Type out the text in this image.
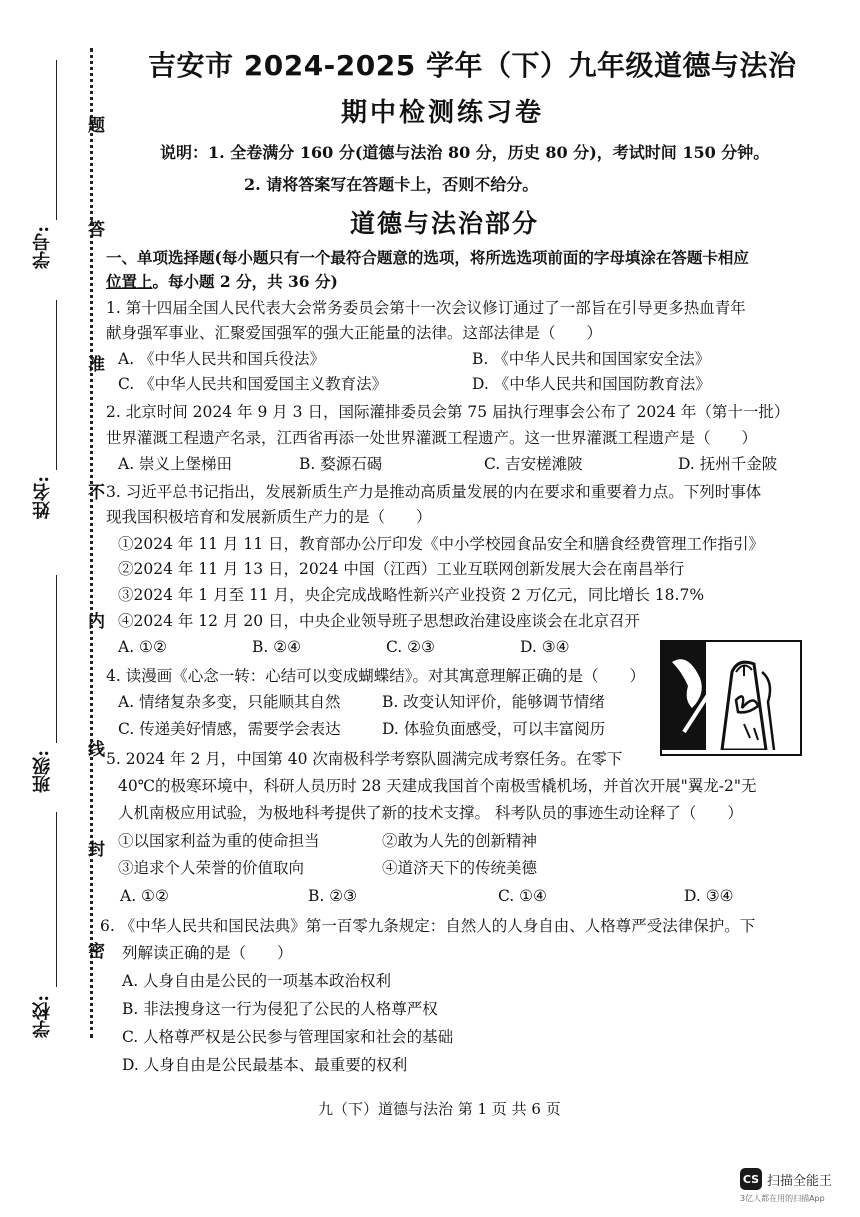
题
答
准
不
内
线
封
密
学号:
姓名:
班级:
学校:
吉安市 2024-2025 学年（下）九年级道德与法治
期中检测练习卷
说明：1. 全卷满分 160 分(道德与法治 80 分，历史 80 分)，考试时间 150 分钟。
2. 请将答案写在答题卡上，否则不给分。
道德与法治部分
一、单项选择题(每小题只有一个最符合题意的选项，将所选选项前面的字母填涂在答题卡相应
位置上。每小题 2 分，共 36 分)
1. 第十四届全国人民代表大会常务委员会第十一次会议修订通过了一部旨在引导更多热血青年
献身强军事业、汇聚爱国强军的强大正能量的法律。这部法律是（　　）
A. 《中华人民共和国兵役法》	B. 《中华人民共和国国家安全法》
C. 《中华人民共和国爱国主义教育法》	D. 《中华人民共和国国防教育法》
2. 北京时间 2024 年 9 月 3 日，国际灌排委员会第 75 届执行理事会公布了 2024 年（第十一批）
世界灌溉工程遗产名录，江西省再添一处世界灌溉工程遗产。这一世界灌溉工程遗产是（　　）
A. 崇义上堡梯田	B. 婺源石碣	C. 吉安槎滩陂	D. 抚州千金陂
3. 习近平总书记指出，发展新质生产力是推动高质量发展的内在要求和重要着力点。下列时事体
现我国积极培育和发展新质生产力的是（　　）
①2024 年 11 月 11 日，教育部办公厅印发《中小学校园食品安全和膳食经费管理工作指引》
②2024 年 11 月 13 日，2024 中国（江西）工业互联网创新发展大会在南昌举行
③2024 年 1 月至 11 月，央企完成战略性新兴产业投资 2 万亿元，同比增长 18.7%
④2024 年 12 月 20 日，中央企业领导班子思想政治建设座谈会在北京召开
A. ①②	B. ②④	C. ②③	D. ③④
4. 读漫画《心念一转：心结可以变成蝴蝶结》。对其寓意理解正确的是（　　）
A. 情绪复杂多变，只能顺其自然	B. 改变认知评价，能够调节情绪
C. 传递美好情感，需要学会表达	D. 体验负面感受，可以丰富阅历
5. 2024 年 2 月，中国第 40 次南极科学考察队圆满完成考察任务。在零下
40℃的极寒环境中，科研人员历时 28 天建成我国首个南极雪橇机场，并首次开展"翼龙-2"无
人机南极应用试验，为极地科考提供了新的技术支撑。 科考队员的事迹生动诠释了（　　）
①以国家利益为重的使命担当	②敢为人先的创新精神
③追求个人荣誉的价值取向	④道济天下的传统美德
A. ①②	B. ②③	C. ①④	D. ③④
6. 《中华人民共和国民法典》第一百零九条规定：自然人的人身自由、人格尊严受法律保护。下
列解读正确的是（　　）
A. 人身自由是公民的一项基本政治权利
B. 非法搜身这一行为侵犯了公民的人格尊严权
C. 人格尊严权是公民参与管理国家和社会的基础
D. 人身自由是公民最基本、最重要的权利
九（下）道德与法治 第 1 页 共 6 页
CS 扫描全能王
3亿人都在用的扫描App
